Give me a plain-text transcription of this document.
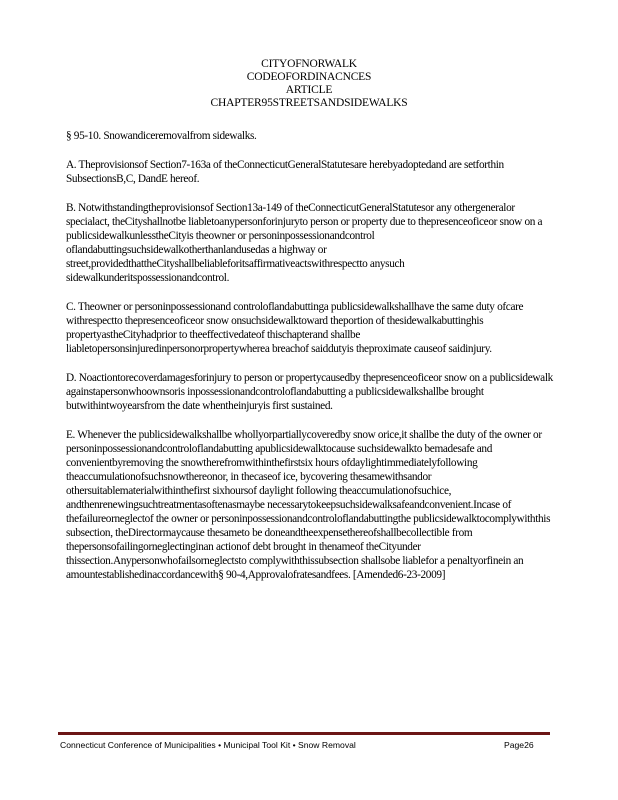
CITYOFNORWALK
CODEOFORDINACNCES
ARTICLE
CHAPTER95STREETSANDSIDEWALKS

§ 95-10. Snowandiceremovalfrom sidewalks.

A. Theprovisionsof Section7-163a of theConnecticutGeneralStatutesare herebyadoptedand are setforthin SubsectionsB,C, DandE hereof.

B. Notwithstandingtheprovisionsof Section13a-149 of theConnecticutGeneralStatutesor any othergeneralor specialact, theCityshallnotbe liabletoanypersonforinjuryto person or property due to thepresenceoficeor snow on a publicsidewalkunlesstheCityis theowner or personinpossessionandcontrol oflandabuttingsuchsidewalkotherthanlandusedas a highway or street,providedthattheCityshallbeliableforitsaffirmativeactswithrespectto anysuch sidewalkunderitspossessionandcontrol.

C. Theowner or personinpossessionand controloflandabuttinga publicsidewalkshallhave the same duty ofcare withrespectto thepresenceoficeor snow onsuchsidewalktoward theportion of thesidewalkabuttinghis propertyastheCityhadprior to theeffectivedateof thischapterand shallbe liabletopersonsinjuredinpersonorpropertywherea breachof saiddutyis theproximate causeof saidinjury.

D. Noactiontorecoverdamagesforinjury to person or propertycausedby thepresenceoficeor snow on a publicsidewalk againstapersonwhoownsoris inpossessionandcontroloflandabutting a publicsidewalkshallbe brought butwithintwoyearsfrom the date whentheinjuryis first sustained.

E. Whenever the publicsidewalkshallbe whollyorpartiallycoveredby snow orice,it shallbe the duty of the owner or personinpossessionandcontroloflandabutting apublicsidewalktocause suchsidewalkto bemadesafe and convenientbyremoving the snowtherefromwithinthefirstsix hours ofdaylightimmediatelyfollowing theaccumulationofsuchsnowthereonor, in thecaseof ice, bycovering thesamewithsandor othersuitablematerialwithinthefirst sixhoursof daylight following theaccumulationofsuchice, andthenrenewingsuchtreatmentasoftenasmaybe necessarytokeepsuchsidewalksafeandconvenient.Incase of thefailureorneglectof the owner or personinpossessionandcontroloflandabuttingthe publicsidewalktocomplywiththis subsection, theDirectormaycause thesameto be doneandtheexpensethereofshallbecollectible from thepersonsofailingorneglectinginan actionof debt brought in thenameof theCityunder thissection.Anypersonwhofailsorneglectsto complywiththissubsection shallsobe liablefor a penaltyorfinein an amountestablishedinaccordancewith§ 90-4,Approvalofratesandfees. [Amended6-23-2009]

Connecticut Conference of Municipalities • Municipal Tool Kit • Snow Removal	Page26
